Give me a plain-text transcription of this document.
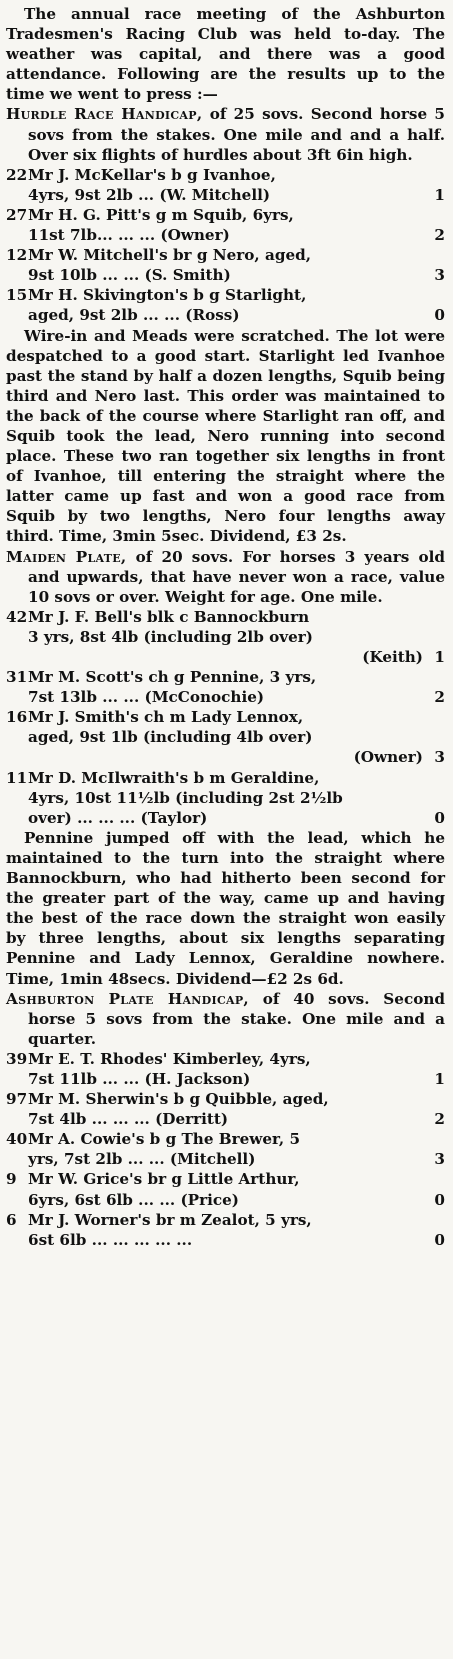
The annual race meeting of the Ashburton Tradesmen's Racing Club was held to-day. The weather was capital, and there was a good attendance. Following are the results up to the time we went to press :—

Hurdle Race Handicap, of 25 sovs. Second horse 5 sovs from the stakes. One mile and and a half. Over six flights of hurdles about 3ft 6in high.

22Mr J. McKellar's b g Ivanhoe,
4yrs, 9st 2lb ... (W. Mitchell)	1
27Mr H. G. Pitt's g m Squib, 6yrs,
11st 7lb... ... ... (Owner)	2
12Mr W. Mitchell's br g Nero, aged,
9st 10lb ... ... (S. Smith)	3
15Mr H. Skivington's b g Starlight,
aged, 9st 2lb ... ... (Ross)	0

Wire-in and Meads were scratched. The lot were despatched to a good start. Starlight led Ivanhoe past the stand by half a dozen lengths, Squib being third and Nero last. This order was maintained to the back of the course where Starlight ran off, and Squib took the lead, Nero running into second place. These two ran together six lengths in front of Ivanhoe, till entering the straight where the latter came up fast and won a good race from Squib by two lengths, Nero four lengths away third. Time, 3min 5sec. Dividend, £3 2s.

Maiden Plate, of 20 sovs. For horses 3 years old and upwards, that have never won a race, value 10 sovs or over. Weight for age. One mile.

42Mr J. F. Bell's blk c Bannockburn
3 yrs, 8st 4lb (including 2lb over)
(Keith) 1
31Mr M. Scott's ch g Pennine, 3 yrs,
7st 13lb ... ... (McConochie)	2
16Mr J. Smith's ch m Lady Lennox,
aged, 9st 1lb (including 4lb over)
(Owner) 3
11Mr D. McIlwraith's b m Geraldine,
4yrs, 10st 11½lb (including 2st 2½lb
over) ... ... ... (Taylor)	0

Pennine jumped off with the lead, which he maintained to the turn into the straight where Bannockburn, who had hitherto been second for the greater part of the way, came up and having the best of the race down the straight won easily by three lengths, about six lengths separating Pennine and Lady Lennox, Geraldine nowhere. Time, 1min 48secs. Dividend—£2 2s 6d.

Ashburton Plate Handicap, of 40 sovs. Second horse 5 sovs from the stake. One mile and a quarter.

39Mr E. T. Rhodes' Kimberley, 4yrs,
7st 11lb ... ... (H. Jackson)	1
97Mr M. Sherwin's b g Quibble, aged,
7st 4lb ... ... ... (Derritt)	2
40Mr A. Cowie's b g The Brewer, 5
yrs, 7st 2lb ... ... (Mitchell)	3
9 Mr W. Grice's br g Little Arthur,
6yrs, 6st 6lb ... ... (Price)	0
6 Mr J. Worner's br m Zealot, 5 yrs,
6st 6lb ... ... ... ... ...	0
